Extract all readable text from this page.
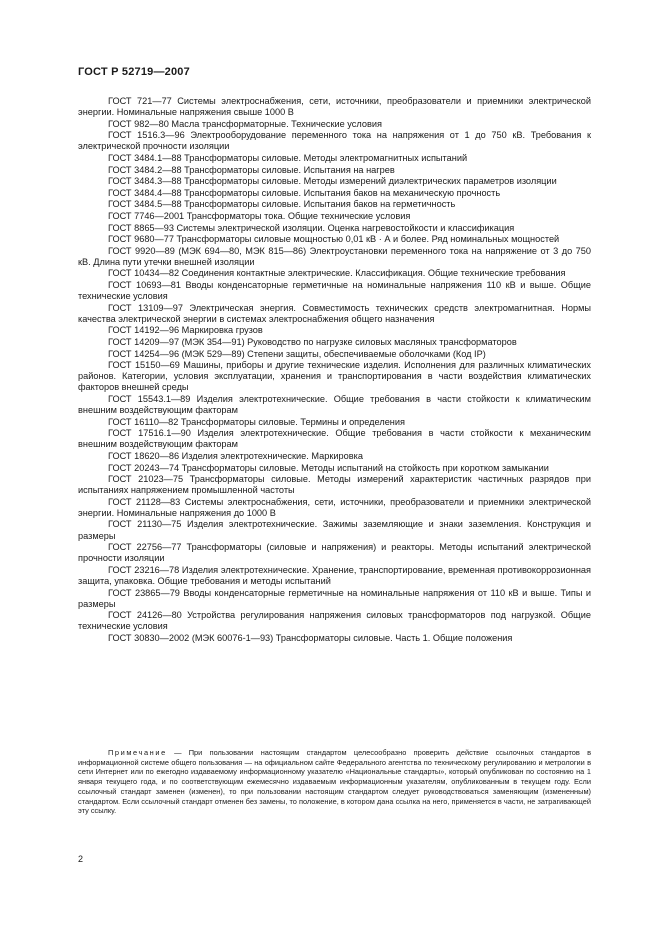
ГОСТ Р 52719—2007

ГОСТ 721—77 Системы электроснабжения, сети, источники, преобразователи и приемники электрической энергии. Номинальные напряжения свыше 1000 В

ГОСТ 982—80 Масла трансформаторные. Технические условия

ГОСТ 1516.3—96 Электрооборудование переменного тока на напряжения от 1 до 750 кВ. Требования к электрической прочности изоляции

ГОСТ 3484.1—88 Трансформаторы силовые. Методы электромагнитных испытаний

ГОСТ 3484.2—88 Трансформаторы силовые. Испытания на нагрев

ГОСТ 3484.3—88 Трансформаторы силовые. Методы измерений диэлектрических параметров изоляции

ГОСТ 3484.4—88 Трансформаторы силовые. Испытания баков на механическую прочность

ГОСТ 3484.5—88 Трансформаторы силовые. Испытания баков на герметичность

ГОСТ 7746—2001 Трансформаторы тока. Общие технические условия

ГОСТ 8865—93 Системы электрической изоляции. Оценка нагревостойкости и классификация

ГОСТ 9680—77 Трансформаторы силовые мощностью 0,01 кВ · А и более. Ряд номинальных мощностей

ГОСТ 9920—89 (МЭК 694—80, МЭК 815—86) Электроустановки переменного тока на напряжение от 3 до 750 кВ. Длина пути утечки внешней изоляции

ГОСТ 10434—82 Соединения контактные электрические. Классификация. Общие технические требования

ГОСТ 10693—81 Вводы конденсаторные герметичные на номинальные напряжения 110 кВ и выше. Общие технические условия

ГОСТ 13109—97 Электрическая энергия. Совместимость технических средств электромагнитная. Нормы качества электрической энергии в системах электроснабжения общего назначения

ГОСТ 14192—96 Маркировка грузов

ГОСТ 14209—97 (МЭК 354—91) Руководство по нагрузке силовых масляных трансформаторов

ГОСТ 14254—96 (МЭК 529—89) Степени защиты, обеспечиваемые оболочками (Код IP)

ГОСТ 15150—69 Машины, приборы и другие технические изделия. Исполнения для различных климатических районов. Категории, условия эксплуатации, хранения и транспортирования в части воздействия климатических факторов внешней среды

ГОСТ 15543.1—89 Изделия электротехнические. Общие требования в части стойкости к климатическим внешним воздействующим факторам

ГОСТ 16110—82 Трансформаторы силовые. Термины и определения

ГОСТ 17516.1—90 Изделия электротехнические. Общие требования в части стойкости к механическим внешним воздействующим факторам

ГОСТ 18620—86 Изделия электротехнические. Маркировка

ГОСТ 20243—74 Трансформаторы силовые. Методы испытаний на стойкость при коротком замыкании

ГОСТ 21023—75 Трансформаторы силовые. Методы измерений характеристик частичных разрядов при испытаниях напряжением промышленной частоты

ГОСТ 21128—83 Системы электроснабжения, сети, источники, преобразователи и приемники электрической энергии. Номинальные напряжения до 1000 В

ГОСТ 21130—75 Изделия электротехнические. Зажимы заземляющие и знаки заземления. Конструкция и размеры

ГОСТ 22756—77 Трансформаторы (силовые и напряжения) и реакторы. Методы испытаний электрической прочности изоляции

ГОСТ 23216—78 Изделия электротехнические. Хранение, транспортирование, временная противокоррозионная защита, упаковка. Общие требования и методы испытаний

ГОСТ 23865—79 Вводы конденсаторные герметичные на номинальные напряжения от 110 кВ и выше. Типы и размеры

ГОСТ 24126—80 Устройства регулирования напряжения силовых трансформаторов под нагрузкой. Общие технические условия

ГОСТ 30830—2002 (МЭК 60076-1—93) Трансформаторы силовые. Часть 1. Общие положения

Примечание — При пользовании настоящим стандартом целесообразно проверить действие ссылочных стандартов в информационной системе общего пользования — на официальном сайте Федерального агентства по техническому регулированию и метрологии в сети Интернет или по ежегодно издаваемому информационному указателю «Национальные стандарты», который опубликован по состоянию на 1 января текущего года, и по соответствующим ежемесячно издаваемым информационным указателям, опубликованным в текущем году. Если ссылочный стандарт заменен (изменен), то при пользовании настоящим стандартом следует руководствоваться заменяющим (измененным) стандартом. Если ссылочный стандарт отменен без замены, то положение, в котором дана ссылка на него, применяется в части, не затрагивающей эту ссылку.

2
